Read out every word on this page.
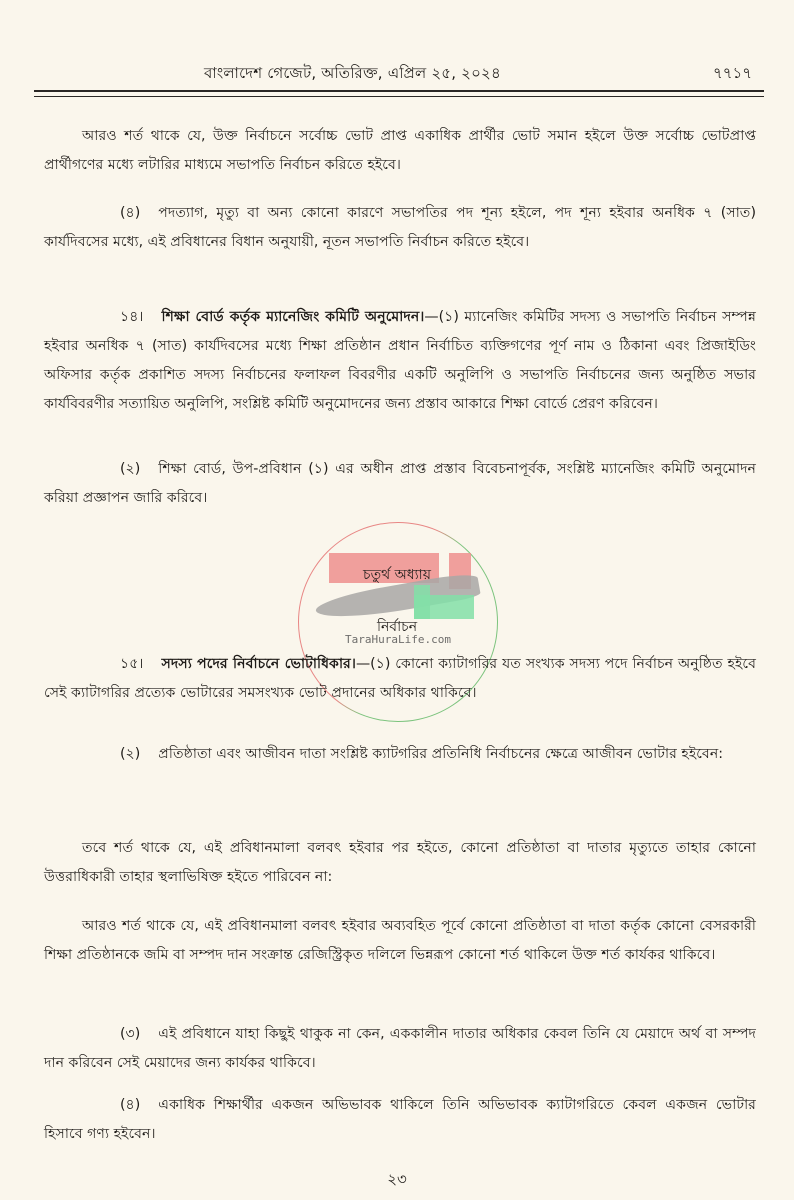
বাংলাদেশ গেজেট, অতিরিক্ত, এপ্রিল ২৫, ২০২৪	৭৭১৭

আরও শর্ত থাকে যে, উক্ত নির্বাচনে সর্বোচ্চ ভোট প্রাপ্ত একাধিক প্রার্থীর ভোট সমান হইলে উক্ত সর্বোচ্চ ভোটপ্রাপ্ত প্রার্থীগণের মধ্যে লটারির মাধ্যমে সভাপতি নির্বাচন করিতে হইবে।

(৪) পদত্যাগ, মৃত্যু বা অন্য কোনো কারণে সভাপতির পদ শূন্য হইলে, পদ শূন্য হইবার অনধিক ৭ (সাত) কার্যদিবসের মধ্যে, এই প্রবিধানের বিধান অনুযায়ী, নূতন সভাপতি নির্বাচন করিতে হইবে।

১৪। শিক্ষা বোর্ড কর্তৃক ম্যানেজিং কমিটি অনুমোদন।—(১) ম্যানেজিং কমিটির সদস্য ও সভাপতি নির্বাচন সম্পন্ন হইবার অনধিক ৭ (সাত) কার্যদিবসের মধ্যে শিক্ষা প্রতিষ্ঠান প্রধান নির্বাচিত ব্যক্তিগণের পূর্ণ নাম ও ঠিকানা এবং প্রিজাইডিং অফিসার কর্তৃক প্রকাশিত সদস্য নির্বাচনের ফলাফল বিবরণীর একটি অনুলিপি ও সভাপতি নির্বাচনের জন্য অনুষ্ঠিত সভার কার্যবিবরণীর সত্যায়িত অনুলিপি, সংশ্লিষ্ট কমিটি অনুমোদনের জন্য প্রস্তাব আকারে শিক্ষা বোর্ডে প্রেরণ করিবেন।

(২) শিক্ষা বোর্ড, উপ-প্রবিধান (১) এর অধীন প্রাপ্ত প্রস্তাব বিবেচনাপূর্বক, সংশ্লিষ্ট ম্যানেজিং কমিটি অনুমোদন করিয়া প্রজ্ঞাপন জারি করিবে।

TaraHuraLife.com
চতুর্থ অধ্যায়
নির্বাচন

১৫। সদস্য পদের নির্বাচনে ভোটাধিকার।—(১) কোনো ক্যাটাগরির যত সংখ্যক সদস্য পদে নির্বাচন অনুষ্ঠিত হইবে সেই ক্যাটাগরির প্রত্যেক ভোটারের সমসংখ্যক ভোট প্রদানের অধিকার থাকিবে।

(২) প্রতিষ্ঠাতা এবং আজীবন দাতা সংশ্লিষ্ট ক্যাটগরির প্রতিনিধি নির্বাচনের ক্ষেত্রে আজীবন ভোটার হইবেন:

তবে শর্ত থাকে যে, এই প্রবিধানমালা বলবৎ হইবার পর হইতে, কোনো প্রতিষ্ঠাতা বা দাতার মৃত্যুতে তাহার কোনো উত্তরাধিকারী তাহার স্থলাভিষিক্ত হইতে পারিবেন না:

আরও শর্ত থাকে যে, এই প্রবিধানমালা বলবৎ হইবার অব্যবহিত পূর্বে কোনো প্রতিষ্ঠাতা বা দাতা কর্তৃক কোনো বেসরকারী শিক্ষা প্রতিষ্ঠানকে জমি বা সম্পদ দান সংক্রান্ত রেজিস্ট্রিকৃত দলিলে ভিন্নরূপ কোনো শর্ত থাকিলে উক্ত শর্ত কার্যকর থাকিবে।

(৩) এই প্রবিধানে যাহা কিছুই থাকুক না কেন, এককালীন দাতার অধিকার কেবল তিনি যে মেয়াদে অর্থ বা সম্পদ দান করিবেন সেই মেয়াদের জন্য কার্যকর থাকিবে।

(৪) একাধিক শিক্ষার্থীর একজন অভিভাবক থাকিলে তিনি অভিভাবক ক্যাটাগরিতে কেবল একজন ভোটার হিসাবে গণ্য হইবেন।

২৩
